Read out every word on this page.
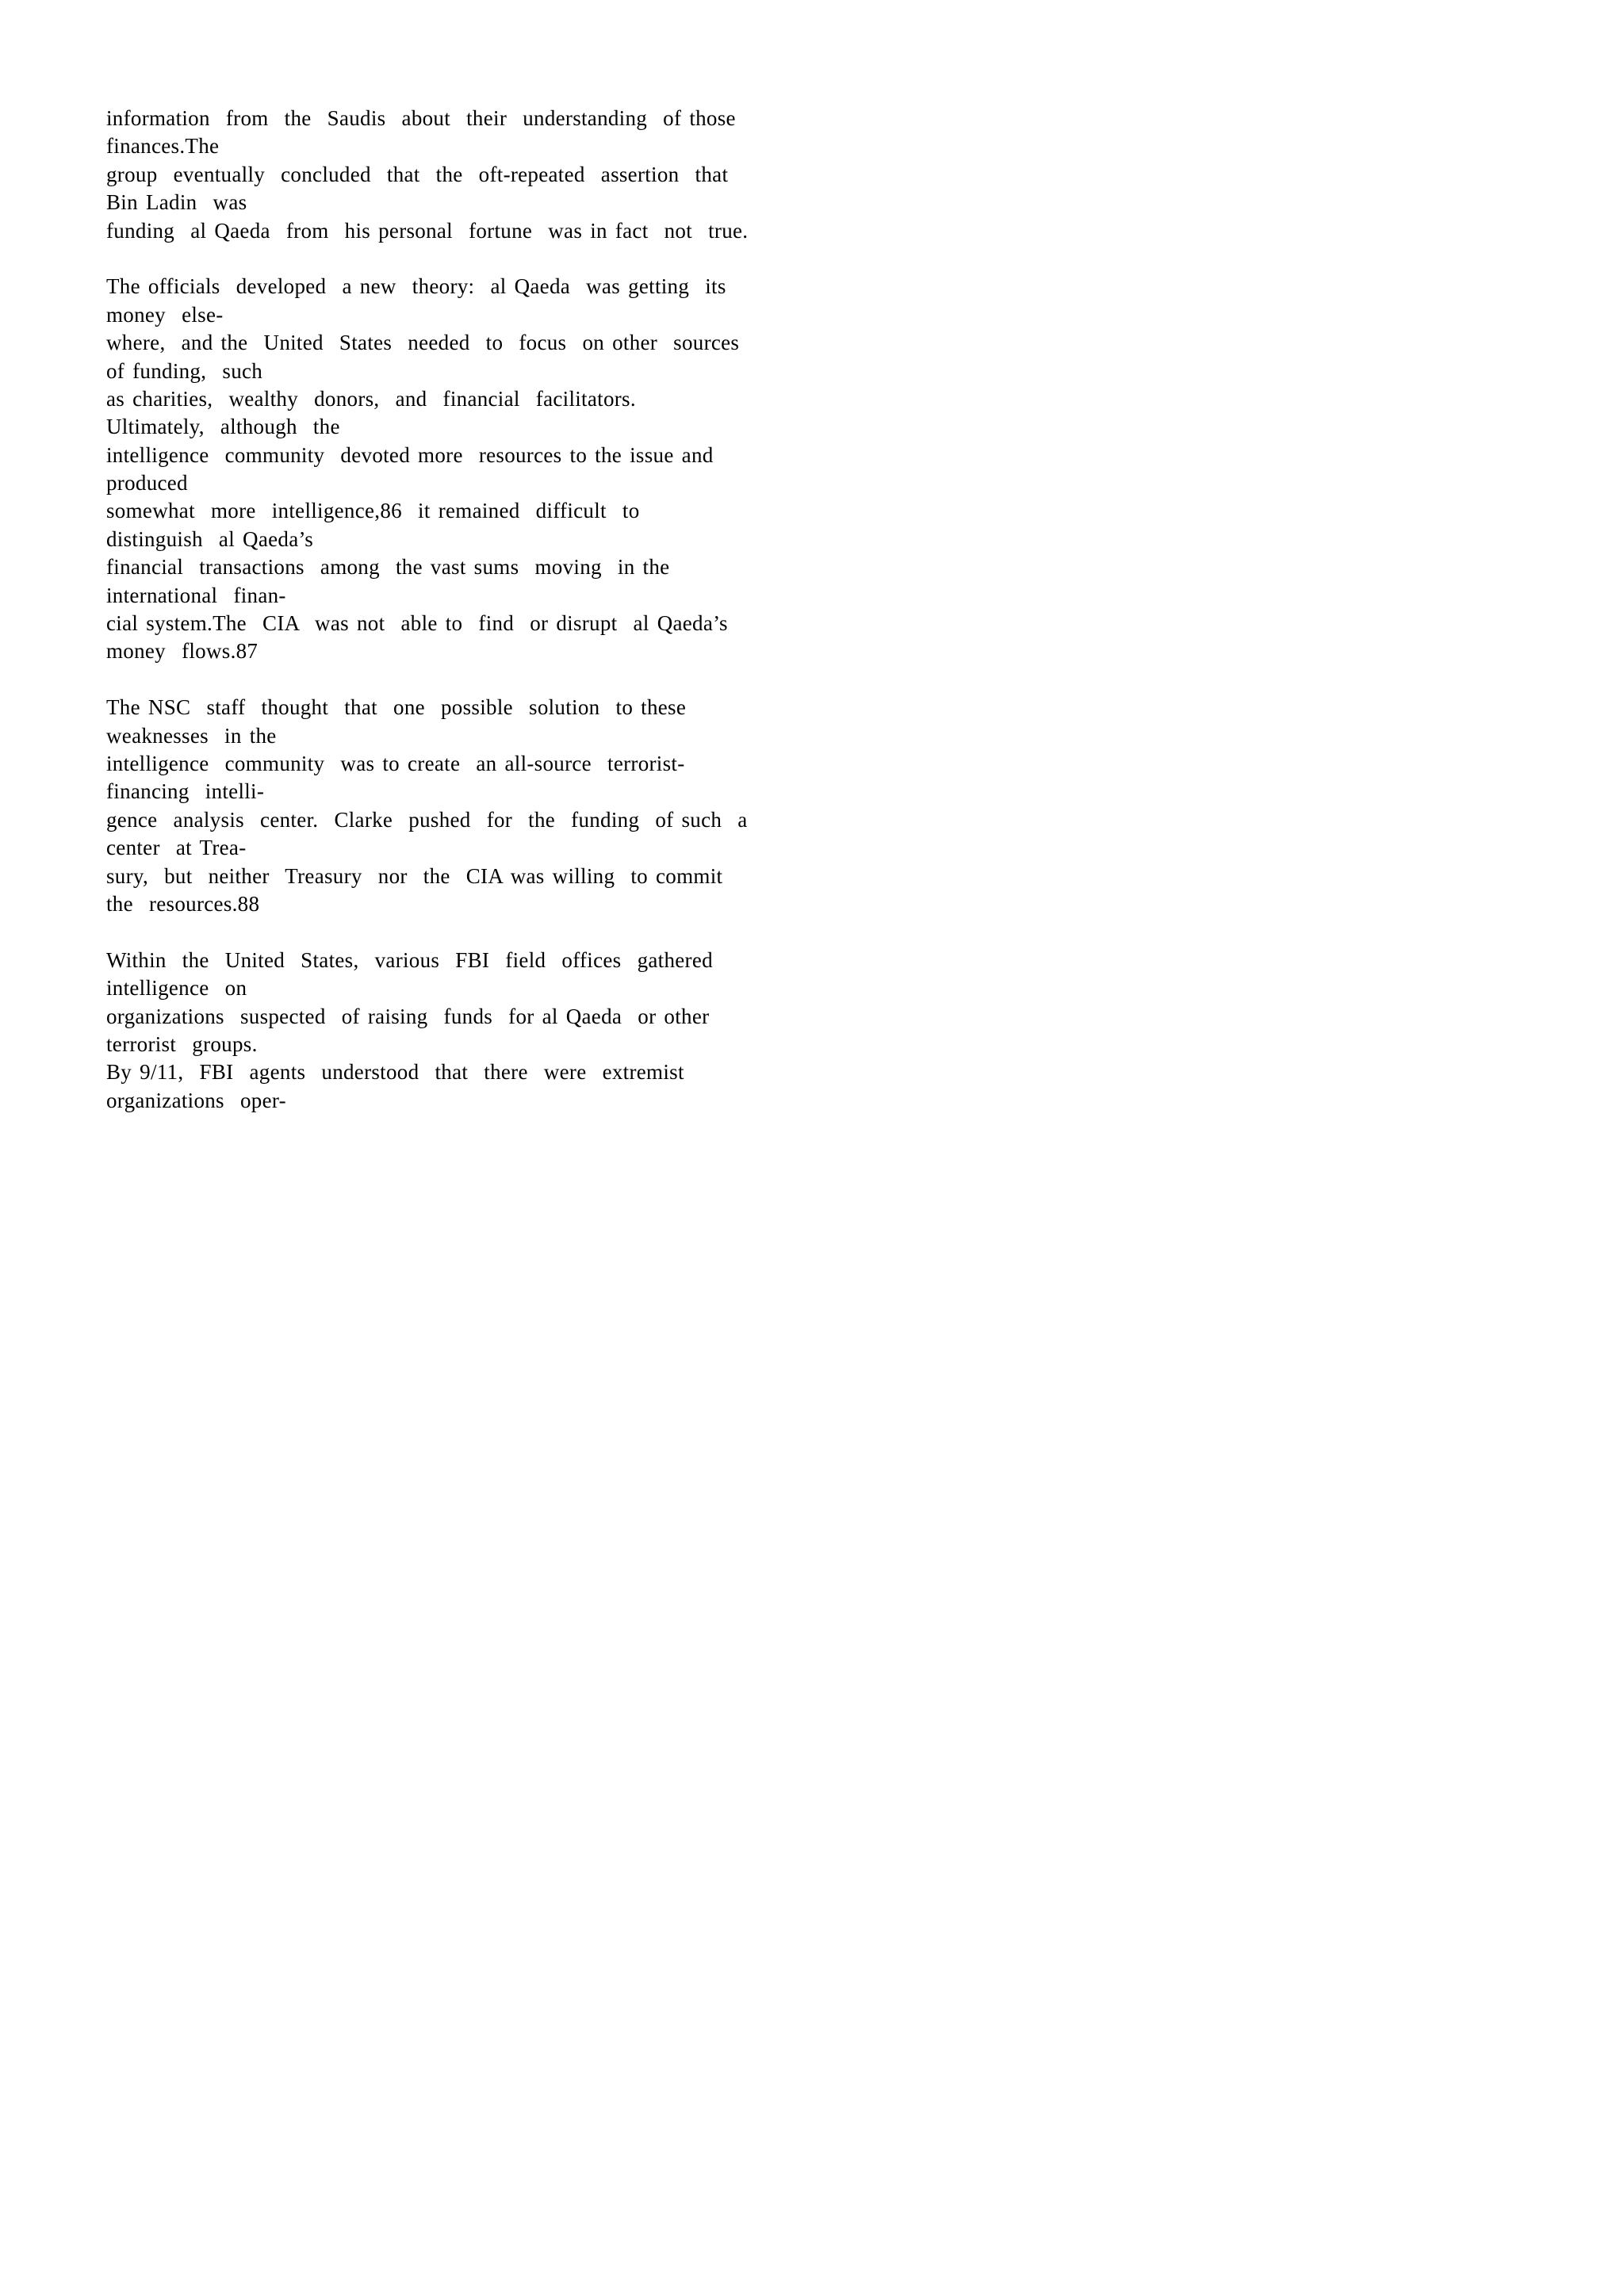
information  from  the  Saudis  about  their  understanding  of those
finances.The
group  eventually  concluded  that  the  oft-repeated  assertion  that
Bin Ladin  was
funding  al Qaeda  from  his personal  fortune  was in fact  not  true.
The officials  developed  a new  theory:  al Qaeda  was getting  its
money  else-
where,  and the  United  States  needed  to  focus  on other  sources
of funding,  such
as charities,  wealthy  donors,  and  financial  facilitators.
Ultimately,  although  the
intelligence  community  devoted more  resources to the issue and
produced
somewhat  more  intelligence,86  it remained  difficult  to
distinguish  al Qaeda’s
financial  transactions  among  the vast sums  moving  in the
international  finan-
cial system.The  CIA  was not  able to  find  or disrupt  al Qaeda’s
money  flows.87
The NSC  staff  thought  that  one  possible  solution  to these
weaknesses  in the
intelligence  community  was to create  an all-source  terrorist-
financing  intelli-
gence  analysis  center.  Clarke  pushed  for  the  funding  of such  a
center  at Trea-
sury,  but  neither  Treasury  nor  the  CIA was willing  to commit
the  resources.88
Within  the  United  States,  various  FBI  field  offices  gathered
intelligence  on
organizations  suspected  of raising  funds  for al Qaeda  or other
terrorist  groups.
By 9/11,  FBI  agents  understood  that  there  were  extremist
organizations  oper-
